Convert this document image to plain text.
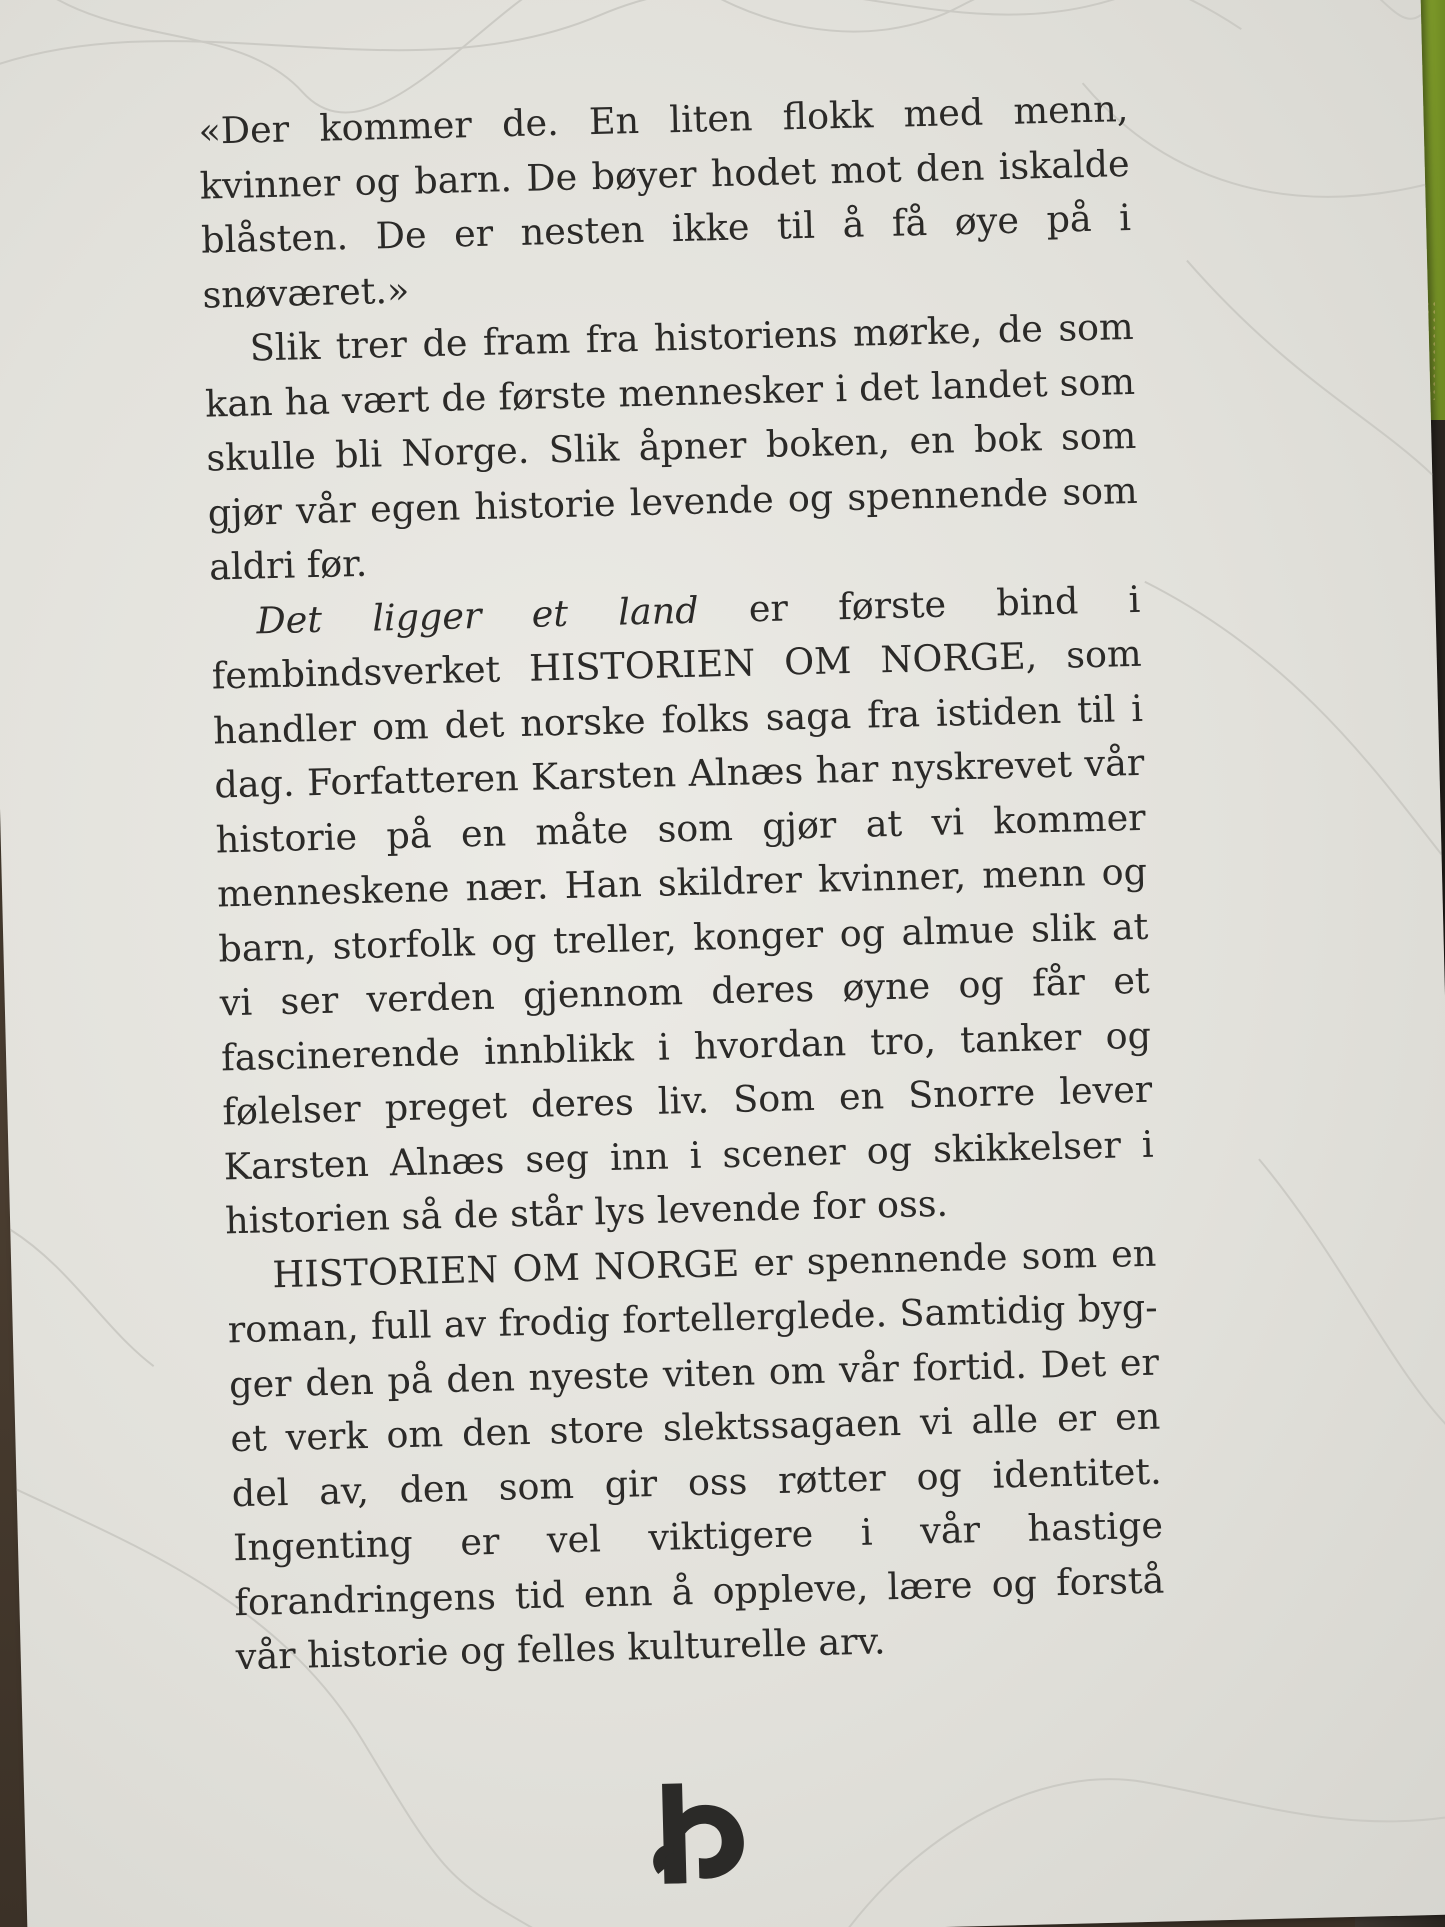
«Der kommer de. En liten flokk med menn, kvinner og barn. De bøyer hodet mot den iskalde blåsten. De er nesten ikke til å få øye på i snøværet.»

Slik trer de fram fra historiens mørke, de som kan ha vært de første mennesker i det landet som skulle bli Norge. Slik åpner boken, en bok som gjør vår egen historie levende og spennende som aldri før.

Det ligger et land er første bind i fembindsverket HISTORIEN OM NORGE, som handler om det norske folks saga fra istiden til i dag. Forfatteren Karsten Alnæs har nyskrevet vår historie på en måte som gjør at vi kommer menneskene nær. Han skildrer kvinner, menn og barn, storfolk og treller, konger og almue slik at vi ser verden gjennom deres øyne og får et fascinerende innblikk i hvordan tro, tanker og følelser preget deres liv. Som en Snorre lever Karsten Alnæs seg inn i scener og skikkelser i historien så de står lys levende for oss.

HISTORIEN OM NORGE er spennende som en roman, full av frodig fortellerglede. Samtidig bygger den på den nyeste viten om vår fortid. Det er et verk om den store slektssagaen vi alle er en del av, den som gir oss røtter og identitet. Ingenting er vel viktigere i vår hastige forandringens tid enn å oppleve, lære og forstå vår historie og felles kulturelle arv.
